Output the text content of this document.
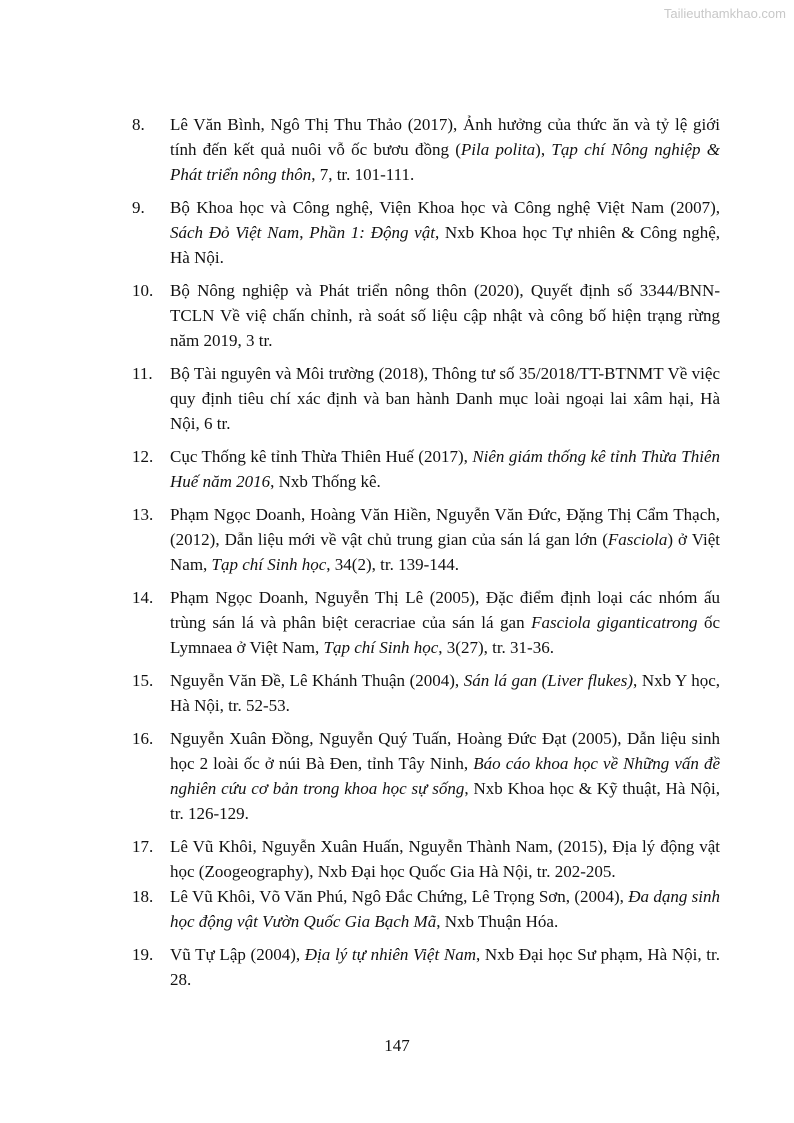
Tailieuthamkhao.com
8.	Lê Văn Bình, Ngô Thị Thu Thảo (2017), Ảnh hưởng của thức ăn và tỷ lệ giới tính đến kết quả nuôi vỗ ốc bươu đồng (Pila polita), Tạp chí Nông nghiệp & Phát triển nông thôn, 7, tr. 101-111.
9.	Bộ Khoa học và Công nghệ, Viện Khoa học và Công nghệ Việt Nam (2007), Sách Đỏ Việt Nam, Phần 1: Động vật, Nxb Khoa học Tự nhiên & Công nghệ, Hà Nội.
10. Bộ Nông nghiệp và Phát triển nông thôn (2020), Quyết định số 3344/BNN-TCLN Về việ chấn chỉnh, rà soát số liệu cập nhật và công bố hiện trạng rừng năm 2019, 3 tr.
11.	Bộ Tài nguyên và Môi trường (2018), Thông tư số 35/2018/TT-BTNMT Về việc quy định tiêu chí xác định và ban hành Danh mục loài ngoại lai xâm hại, Hà Nội, 6 tr.
12. Cục Thống kê tỉnh Thừa Thiên Huế (2017), Niên giám thống kê tỉnh Thừa Thiên Huế năm 2016, Nxb Thống kê.
13. Phạm Ngọc Doanh, Hoàng Văn Hiền, Nguyễn Văn Đức, Đặng Thị Cẩm Thạch, (2012), Dẫn liệu mới về vật chủ trung gian của sán lá gan lớn (Fasciola) ở Việt Nam, Tạp chí Sinh học, 34(2), tr. 139-144.
14. Phạm Ngọc Doanh, Nguyễn Thị Lê (2005), Đặc điểm định loại các nhóm ấu trùng sán lá và phân biệt ceracriae của sán lá gan Fasciola giganticatrong ốc Lymnaea ở Việt Nam, Tạp chí Sinh học, 3(27), tr. 31-36.
15. Nguyễn Văn Đề, Lê Khánh Thuận (2004), Sán lá gan (Liver flukes), Nxb Y học, Hà Nội, tr. 52-53.
16. Nguyễn Xuân Đồng, Nguyễn Quý Tuấn, Hoàng Đức Đạt (2005), Dẫn liệu sinh học 2 loài ốc ở núi Bà Đen, tỉnh Tây Ninh, Báo cáo khoa học về Những vấn đề nghiên cứu cơ bản trong khoa học sự sống, Nxb Khoa học & Kỹ thuật, Hà Nội, tr. 126-129.
17. Lê Vũ Khôi, Nguyễn Xuân Huấn, Nguyễn Thành Nam, (2015), Địa lý động vật học (Zoogeography), Nxb Đại học Quốc Gia Hà Nội, tr. 202-205.
18. Lê Vũ Khôi, Võ Văn Phú, Ngô Đắc Chứng, Lê Trọng Sơn, (2004), Đa dạng sinh học động vật Vườn Quốc Gia Bạch Mã, Nxb Thuận Hóa.
19. Vũ Tự Lập (2004), Địa lý tự nhiên Việt Nam, Nxb Đại học Sư phạm, Hà Nội, tr. 28.
147
